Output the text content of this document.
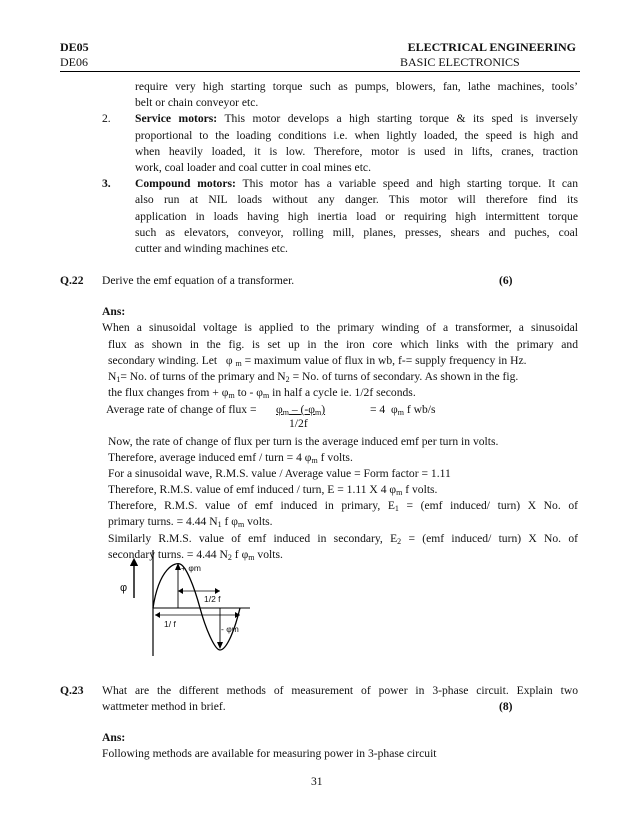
DE05
DE06
ELECTRICAL ENGINEERING
BASIC ELECTRONICS
require very high starting torque such as pumps, blowers, fan, lathe machines, tools’
belt or chain conveyor etc.
2. Service motors: This motor develops a high starting torque & its sped is inversely
proportional to the loading conditions i.e. when lightly loaded, the speed is high and
when heavily loaded, it is low. Therefore, motor is used in lifts, cranes, traction
work, coal loader and coal cutter in coal mines etc.
3. Compound motors: This motor has a variable speed and high starting torque. It can
also run at NIL loads without any danger. This motor will therefore find its
application in loads having high inertia load or requiring high intermittent torque
such as elevators, conveyor, rolling mill, planes, presses, shears and puches, coal
cutter and winding machines etc.
Q.22 Derive the emf equation of a transformer.	(6)
Ans:
When a sinusoidal voltage is applied to the primary winding of a transformer, a sinusoidal
flux as shown in the fig. is set up in the iron core which links with the primary and
secondary winding. Let φ $_m$ = maximum value of flux in wb, f-= supply frequency in Hz.
$N_1= No$. of turns of the primary and $N_2 = No$. of turns of secondary. As shown in the fig.
the flux changes from + $\varphi_m$ to - $\varphi_m$ in half a cycle ie. 1/2f seconds.
Average rate of change of flux = $\varphi_m - (-\varphi_m)$
1/2f
= 4 $\varphi_m$ f wb/s
Now, the rate of change of flux per turn is the average induced emf per turn in volts.
Therefore, average induced emf / turn = 4 $\varphi_m$ f volts.
For a sinusoidal wave, R.M.S. value / Average value = Form factor = 1.11
Therefore, R.M.S. value of emf induced / turn, E = 1.11 X 4 $\varphi_m$ f volts.
Therefore, R.M.S. value of emf induced in primary, $E_1 = (emf$ induced/ turn) X No. of
primary turns. = 4.44 $N_1$ f $\varphi_m$ volts.
Similarly R.M.S. value of emf induced in secondary, $E_2 = (emf$ induced/ turn) X No. of
secondary turns. = 4.44 $N_2$ f $\varphi_m$ volts.
φ
+ φm
1/2 f
1/ f	- φm
Q.23 What are the different methods of measurement of power in 3-phase circuit. Explain two
wattmeter method in brief.	(8)
Ans:
Following methods are available for measuring power in 3-phase circuit
31
